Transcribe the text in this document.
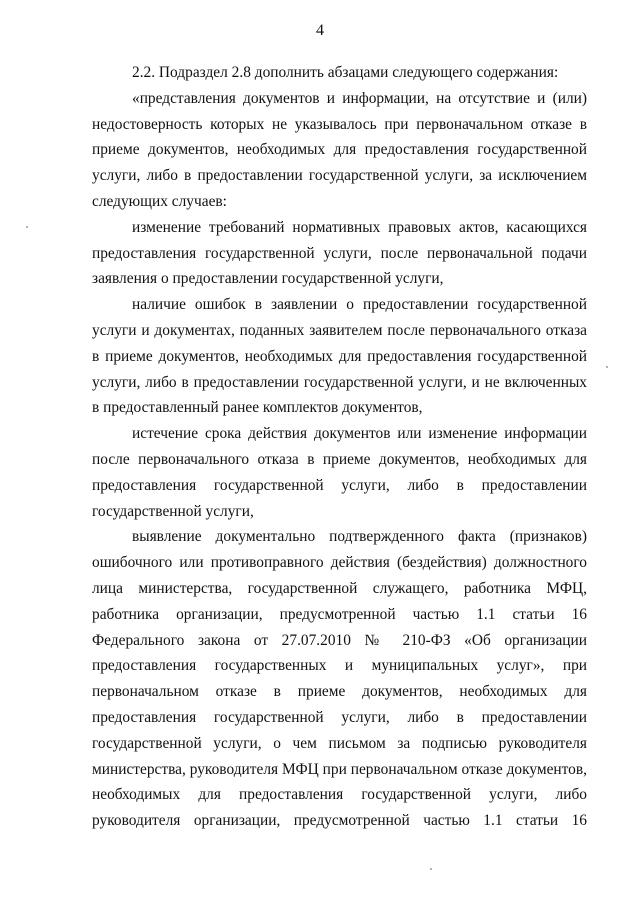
4

2.2. Подраздел 2.8 дополнить абзацами следующего содержания:

«представления документов и информации, на отсутствие и (или) недостоверность которых не указывалось при первоначальном отказе в приеме документов, необходимых для предоставления государственной услуги, либо в предоставлении государственной услуги, за исключением следующих случаев:

изменение требований нормативных правовых актов, касающихся предоставления государственной услуги, после первоначальной подачи заявления о предоставлении государственной услуги,

наличие ошибок в заявлении о предоставлении государственной услуги и документах, поданных заявителем после первоначального отказа в приеме документов, необходимых для предоставления государственной услуги, либо в предоставлении государственной услуги, и не включенных в предоставленный ранее комплектов документов,

истечение срока действия документов или изменение информации после первоначального отказа в приеме документов, необходимых для предоставления государственной услуги, либо в предоставлении государственной услуги,

выявление документально подтвержденного факта (признаков) ошибочного или противоправного действия (бездействия) должностного лица министерства, государственной служащего, работника МФЦ, работника организации, предусмотренной частью 1.1 статьи 16 Федерального закона от 27.07.2010 № 210-ФЗ «Об организации предоставления государственных и муниципальных услуг», при первоначальном отказе в приеме документов, необходимых для предоставления государственной услуги, либо в предоставлении государственной услуги, о чем письмом за подписью руководителя министерства, руководителя МФЦ при первоначальном отказе документов, необходимых для предоставления государственной услуги, либо руководителя организации, предусмотренной частью 1.1 статьи 16
